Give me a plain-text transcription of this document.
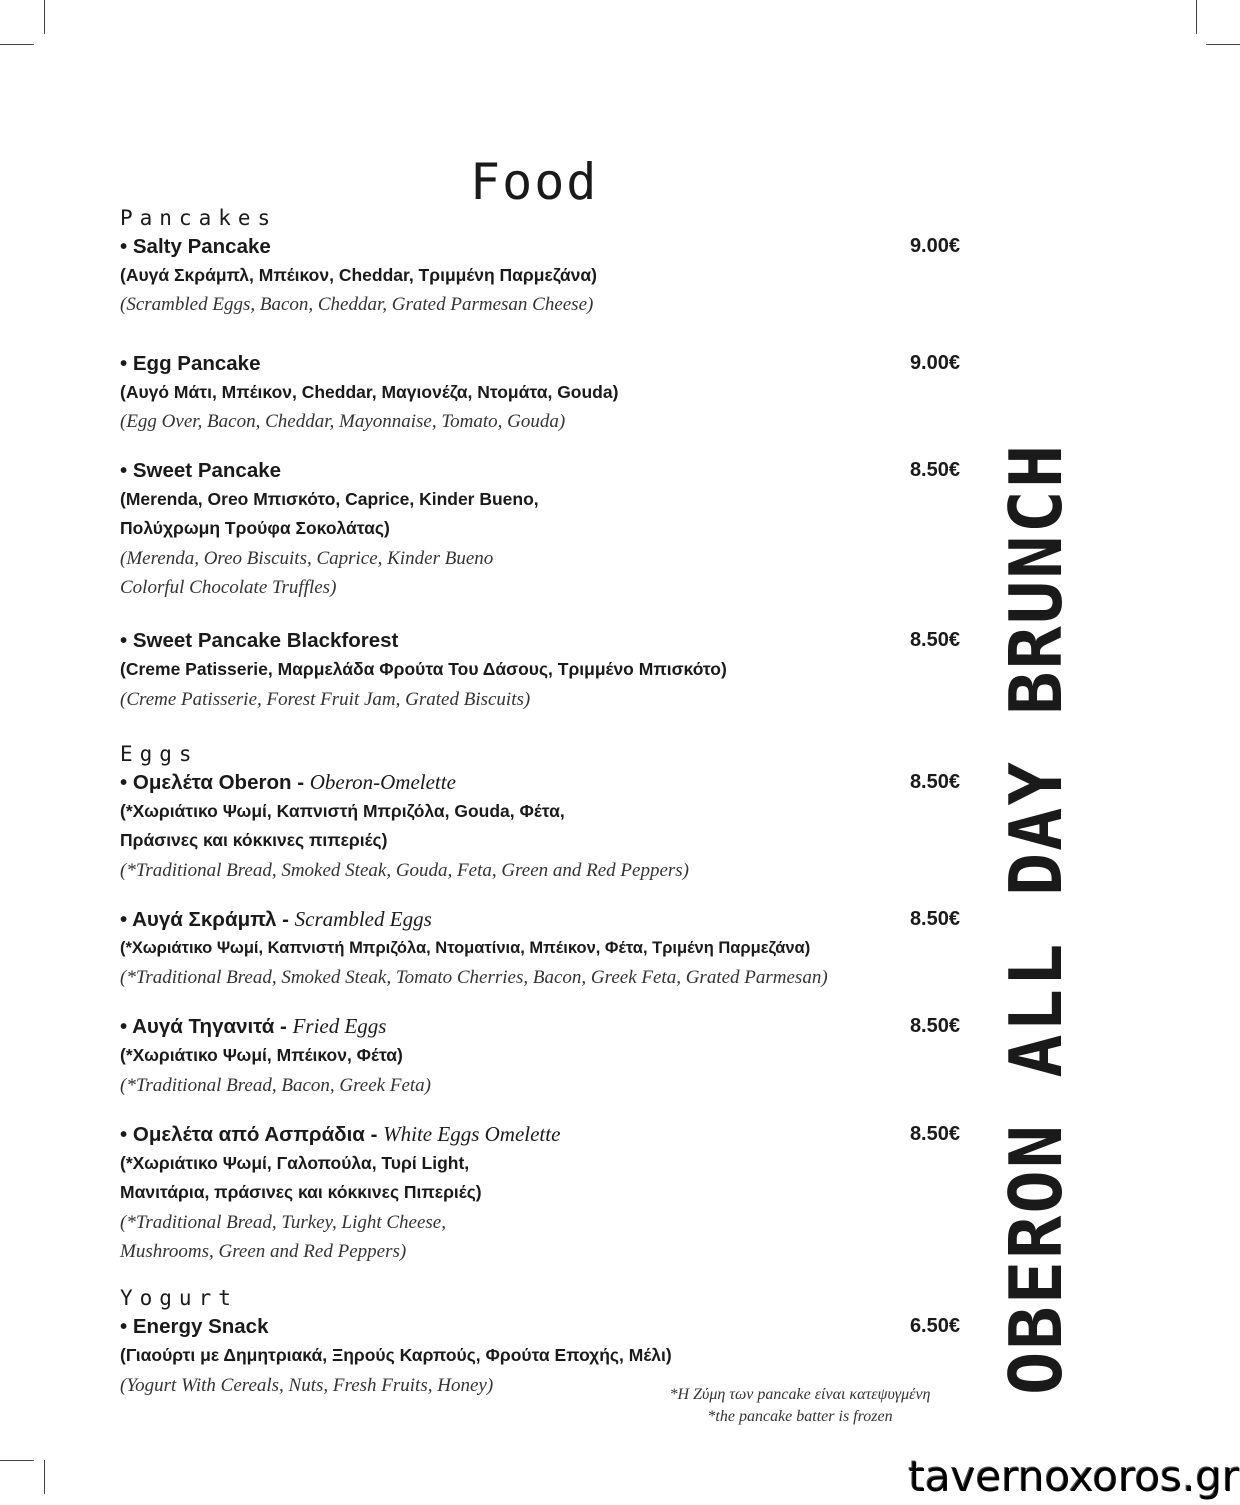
Food
Pancakes
• Salty Pancake	9.00€
(Αυγά Σκράμπλ, Μπέικον, Cheddar, Τριμμένη Παρμεζάνα)
(Scrambled Eggs, Bacon, Cheddar, Grated Parmesan Cheese)
• Egg Pancake	9.00€
(Αυγό Μάτι, Μπέικον, Cheddar, Μαγιονέζα, Ντομάτα, Gouda)
(Egg Over, Bacon, Cheddar, Mayonnaise, Tomato, Gouda)
• Sweet Pancake	8.50€
(Merenda, Oreo Μπισκότο, Caprice, Kinder Bueno,
Πολύχρωμη Τρούφα Σοκολάτας)
(Merenda, Oreo Biscuits, Caprice, Kinder Bueno
Colorful Chocolate Truffles)
• Sweet Pancake Blackforest	8.50€
(Creme Patisserie, Μαρμελάδα Φρούτα Του Δάσους, Τριμμένο Μπισκότο)
(Creme Patisserie, Forest Fruit Jam, Grated Biscuits)
Eggs
• Ομελέτα Oberon - Oberon-Omelette	8.50€
(*Χωριάτικο Ψωμί, Καπνιστή Μπριζόλα, Gouda, Φέτα,
Πράσινες και κόκκινες πιπεριές)
(*Traditional Bread, Smoked Steak, Gouda, Feta, Green and Red Peppers)
• Αυγά Σκράμπλ - Scrambled Eggs	8.50€
(*Χωριάτικο Ψωμί, Καπνιστή Μπριζόλα, Ντοματίνια, Μπέικον, Φέτα, Τριμένη Παρμεζάνα)
(*Traditional Bread, Smoked Steak, Tomato Cherries, Bacon, Greek Feta, Grated Parmesan)
• Αυγά Τηγανιτά - Fried Eggs	8.50€
(*Χωριάτικο Ψωμί, Μπέικον, Φέτα)
(*Traditional Bread, Bacon, Greek Feta)
• Ομελέτα από Ασπράδια - White Eggs Omelette	8.50€
(*Χωριάτικο Ψωμί, Γαλοπούλα, Τυρί Light,
Μανιτάρια, πράσινες και κόκκινες Πιπεριές)
(*Traditional Bread, Turkey, Light Cheese,
Mushrooms, Green and Red Peppers)
Yogurt
• Energy Snack	6.50€
(Γιαούρτι με Δημητριακά, Ξηρούς Καρπούς, Φρούτα Εποχής, Μέλι)
(Yogurt With Cereals, Nuts, Fresh Fruits, Honey)	OBERON ALL DAY BRUNCH
*Η Ζύμη των pancake είναι κατεψυγμένη
*the pancake batter is frozen
tavernoxoros.gr
